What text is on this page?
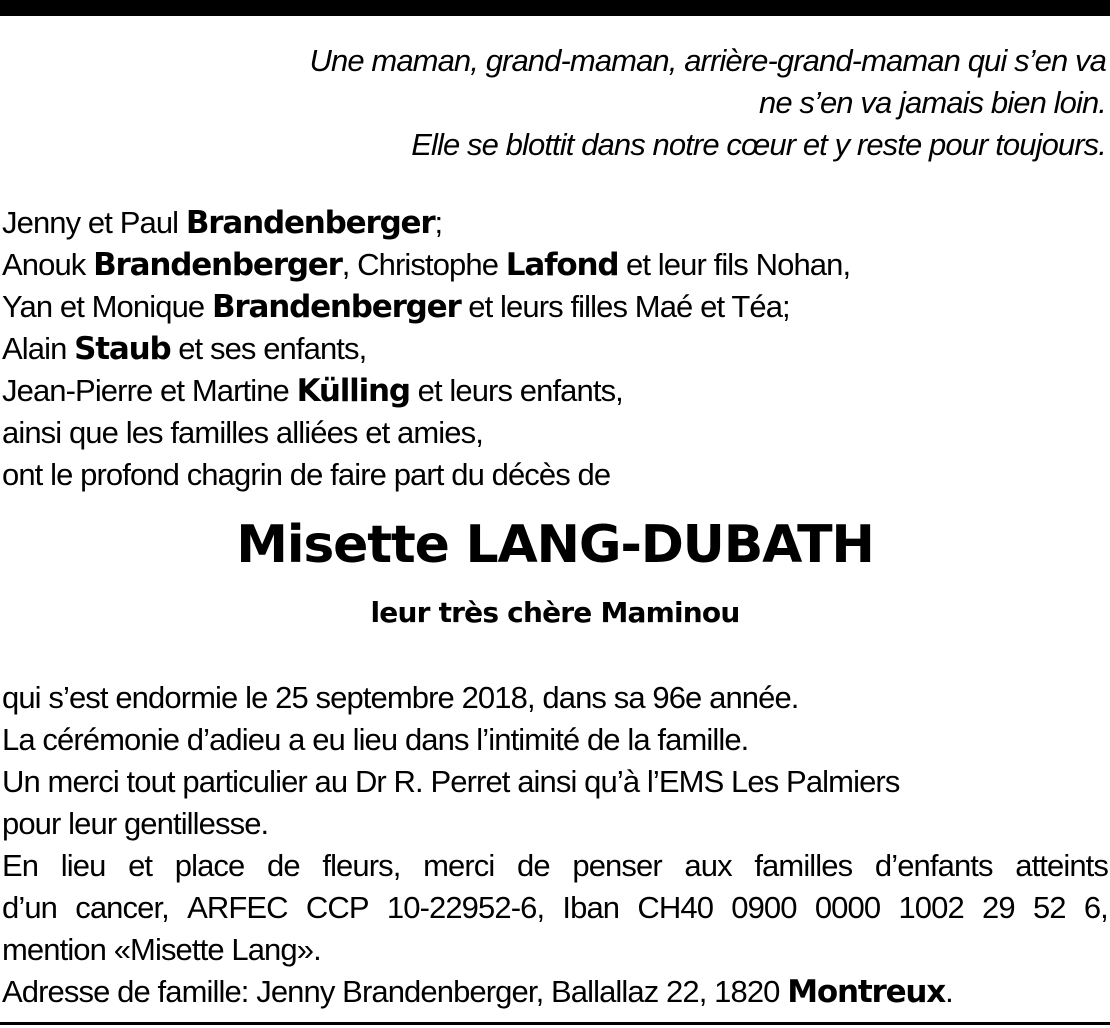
Une maman, grand-maman, arrière-grand-maman qui s’en va
ne s’en va jamais bien loin.
Elle se blottit dans notre cœur et y reste pour toujours.
Jenny et Paul Brandenberger;
Anouk Brandenberger, Christophe Lafond et leur fils Nohan,
Yan et Monique Brandenberger et leurs filles Maé et Téa;
Alain Staub et ses enfants,
Jean-Pierre et Martine Külling et leurs enfants,
ainsi que les familles alliées et amies,
ont le profond chagrin de faire part du décès de
Misette LANG-DUBATH
leur très chère Maminou
qui s’est endormie le 25 septembre 2018, dans sa 96e année.
La cérémonie d’adieu a eu lieu dans l’intimité de la famille.
Un merci tout particulier au Dr R. Perret ainsi qu’à l’EMS Les Palmiers
pour leur gentillesse.
En lieu et place de fleurs, merci de penser aux familles d’enfants atteints
d’un cancer, ARFEC CCP 10-22952-6, Iban CH40 0900 0000 1002 29 52 6,
mention «Misette Lang».
Adresse de famille: Jenny Brandenberger, Ballallaz 22, 1820 Montreux.
